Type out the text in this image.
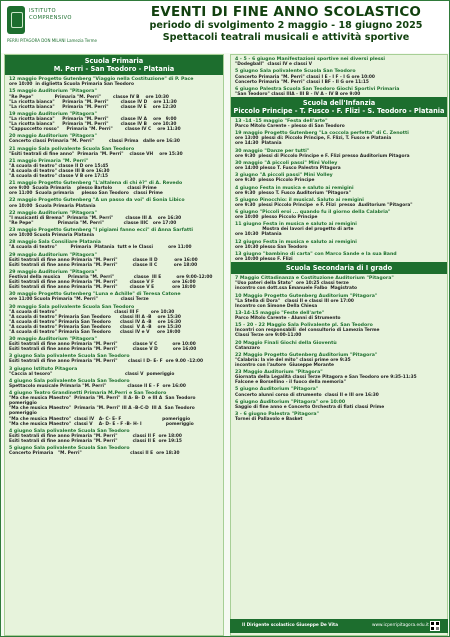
ISTITUTO
COMPRENSIVO
PERRI PITAGORA DON MILANI Lamezia Terme
EVENTI DI FINE ANNO SCOLASTICO
periodo di svolgimento 2 maggio - 18 giugno 2025
Spettacoli teatrali musicali e attività sportive
Scuola Primaria
M. Perri - San Teodoro - Platania
12 maggio Progetto Gutenberg "Viaggio nella Costituzione" di P. Pace
ore 10:00  in diglietta Scuola Primaria San Teodoro
15 maggio Auditorium "Pitagora"
"Re Pepe"              Primaria "M. Perri"        classe IV B    ore 10:30
"La ricotta bianca"     Primaria "M. Perri"        classe IV D    ore 11:30
"La ricotta bianca"     Primaria "M. Perri"        classe IV E    ore 12:30
19 maggio Auditorium "Pitagora"
"La ricotta bianca"     Primaria "M. Perri"        classe IV A    ore   9:00
"La ricotta bianca"     Primaria "M. Perri"        classe IV B    ore 10:30
"Cappuccetto rosso"     Primaria "M. Perri"        classe IV C    ore 11:30
20 maggio Auditorium "Pitagora"
Concerto classi Primaria "M. Perri"          classi Prima   dalle ore 16:30
21 maggio Sala polivalente Scuola San Teodoro
"Esiti teatrali di fine anno"  Primaria "M. Perri"    classe VH    ore 15:30
21 maggio Primaria "M. Perri"
"A scuola di teatro" classe II D ore 15:45
"A scuola di teatro" classe III B ore 16:30
"A scuola di teatro" classe V B ore 17:15
21 maggio Progetto Gutenberg "L'altalena di chi è?" di A. Revedo
ore 9:00  Scuola Primaria    plesso Bartolo          classi Prime
ore 11:00  Scuola primaria     plesso San Teodoro   classi Prime
22 maggio Progetto Gutenberg "A un passo da voi" di Sonia Libico
ore 10:00  Scuola Primaria Platania
22 maggio Auditorium "Pitagora"
"I musicanti di Brema"  Primaria "M. Perri"        classe III A    ore 16:30
"Re Pepe"                Primaria "M. Perri"             classe IIIC   ore 17:00
23 maggio Progetto Gutenberg "I pigiami fanno ecci" di Anna Sarfatti
ore 10:00 Scuola Primaria Platania
28 maggio Sala Consiliare Platania
"A scuola di teatro"         Primaria  Platania  tutt e le Classi          ore 11:00
29 maggio Auditorium "Pitagora"
Esiti teatrali di fine anno Primaria "M. Perri"          classe II D           ore 16:00
Esiti teatrali di fine anno Primaria "M. Perri"          classe II C           ore 18:00
29 maggio Auditorium "Pitagora"
Festival della musica     Primaria "M. Perri"             classe  III E          ore 9:00-12:00
Esiti teatrali di fine anno Primaria "M. Perri"        classe V F            ore 16:00
Esiti teatrali di fine anno Primaria "M. Perri"        classe V E            ore 18:00
30 maggio Progetto Gutenberg "Luna e Achille" di Teresa Catone
ore 11:00 Scuola Primaria "M. Perri"               classi Terze
30 maggio Sala polivalente Scuola San Teodoro
"A scuola di teatro"                                      classi III F        ore 10:30
"A scuola di teatro" Primaria San Teodoro      classi III A -B    ore 15:30
"A scuola di teatro" Primaria San Teodoro      classi IV A -B    ore 16:30
"A scuola di teatro" Primaria San Teodoro      classi  V A -B    ore 15:30
"A scuola di teatro" Primaria San Teodoro      classi IV e V     ore 19:00
30 maggio Auditorium "Pitagora"
Esiti teatrali di fine anno Primaria "M. Perri"          classe V C          ore 10:00
Esiti teatrali di fine anno Primaria "M. Perri"          classe V D          ore 16:00
3 giugno Sala polivalente Scuola San Teodoro
Esiti teatrali di fine anno Primaria "M. Perri"       classi I D- E- F  ore 9.00 -12:00
3 giugno Istituto Pitagora
"Caccia al tesoro"                                                classi V  pomeriggio
4 giugno Sala polivalente Scuola San Teodoro
Spettacolo musicale Primaria "M. Perri"              classe II E - F  ore 16:00
4 giugno Teatro Grandinetti Primaria M.Perri e San Teodoro
"Ma che musica Maestro"  Primaria "M. Perri"  II A- B- D  e III A  San Teodoro
pomeriggio
"Ma che musica Maestro"  Primaria "M. Perri" III A -B-C-D  III A  San Teodoro
pomeriggio
"Ma che musica Maestro"  classi IV   A- C- E- F                           pomeriggio
"Ma che musica Maestro"  classi V    A- D- E - F -B- H- I                pomeriggio
4 giugno Sala polivalente Scuola San Teodoro
Esiti teatrali di fine anno Primaria "M. Perri"          classi II F  ore 18:00
Esiti teatrali di fine anno Primaria "M. Perri"          classi II E  ore 19:15
5 giugno Sala polivalente Scuola San Teodoro
Concerto Primaria   "M. Perri"                                classi II E  ore 18:30
4 - 5 - 6 giugno Manifestazioni sportive nei diversi plessi
"Dodegball"  classi IV e classi V
5 giugno Sala polivalente Scuola San Teodoro
Concerto Primaria "M. Perri" classi I E - I F - I G ore 10:00
Concerto Primaria "M. Perri" classi I BF - II G ore 11:15
6 giugno Palestra Scuola San Teodoro Giochi Sportivi Primaria
"San Teodoro" classi IIIA - III B - IV A - IV B ore 9:00
Scuola dell'Infanzia
Piccolo Principe - T. Fusco - F. Flizi - S. Teodoro - Platania
13 -14 -15 maggio "Festa dell'arte"
Parco Mitolo Carente - plesso di San Teodoro
19 maggio Progetto Gutenberg "La coccola perfetta" di C. Zenotti
ore 13:00  plessi di: Piccolo Principe, F. Flizi, T. Fusco e Platania
ore 14:30  Platania
30 maggio "Danze per tutti"
ore 9:30  plessi di Piccolo Principe e F. Flizi presso Auditorium Pitagora
30 maggio "A piccoli passi" Mini Volley
ore 14:00 plesso T. Fusco Palestra Pitagora
3 giugno "A piccoli passi" Mini Volley
ore 9:30  plesso Piccolo Principe
4 giugno Festa in musica e saluto ai remigini
ore 9:30  plesso T. Fusco Auditorium "Pitagora"
5 giugno Pinocchio: il musical. Saluto ai remigini
ore 9:30  plessi Piccolo Principe  e F. Flizi  presso  Auditorium "Pitagora"
6 giugno "Piccoli eroi ... quando fu il giorno della Calabria"
ore 10:00  plesso Piccolo Principe
11 giugno Festa in musica e saluto ai remigini
Mostra dei lavori del progetto di arte
ore 10:30  Platania
12 giugno Festa in musica e saluto ai remigini
ore 10:30 plesso San Teodoro
13 giugno "bambino di carta" con Marco Sande e la sua Band
ore 10:00 plesso F. Flizi
Scuola Secondaria di I grado
7 Maggio Cittadinanza e Costituzione Auditorium "Pitagora"
"Uso pateri della Stato"  ore 10:25 classi terze
incontro con dott.ssa Emanuele Falbo  Magistrato
10 Maggio Progetto Gutenberg Auditorium "Pitagora"
"La Stella di Dora"   classi II e classi III ore 17:00
Incontro con Simone Della Chiesa
13-14-15 maggio "Feste dell'arte"
Parco Mitolo Carente - Alunni di Strumento
15 - 20 - 22 Maggio Sala Polivalente pl. San Teodoro
Incontri con responsabili  del consultorio di Lamezia Terme
Classi Terze ore 9:00-11:00
20 Maggio Finali Giochi della Gioventù
Catanzaro
22 Maggio Progetto Gutenberg Auditorium "Pitagora"
"Calabria: la vie del mito" classi prime ore 9:35
incontro con l'autore  Giuseppe Morante
23 Maggio Auditorium "Pitagora"
Giornata della Legalità classi Terze Pitagora e San Teodoro ore 9:35-11:35
Falcone e Borsellino - il fuoco della memoria"
5 giugno Auditorium "Pitagora"
Concerto alunni corso di strumento  classi II e III ore 16:30
6 giugno Auditorium "Pitagora" ore 10:00
Saggio di fine anno e Concerto Orchestra di fiati classi Prime
3 - 6 giugno Palestra "Pitagora"
Tornei di Pallavolo e Basket
Il Dirigente scolastico Giuseppe De Vita	www.icperripitagora.edu.it
